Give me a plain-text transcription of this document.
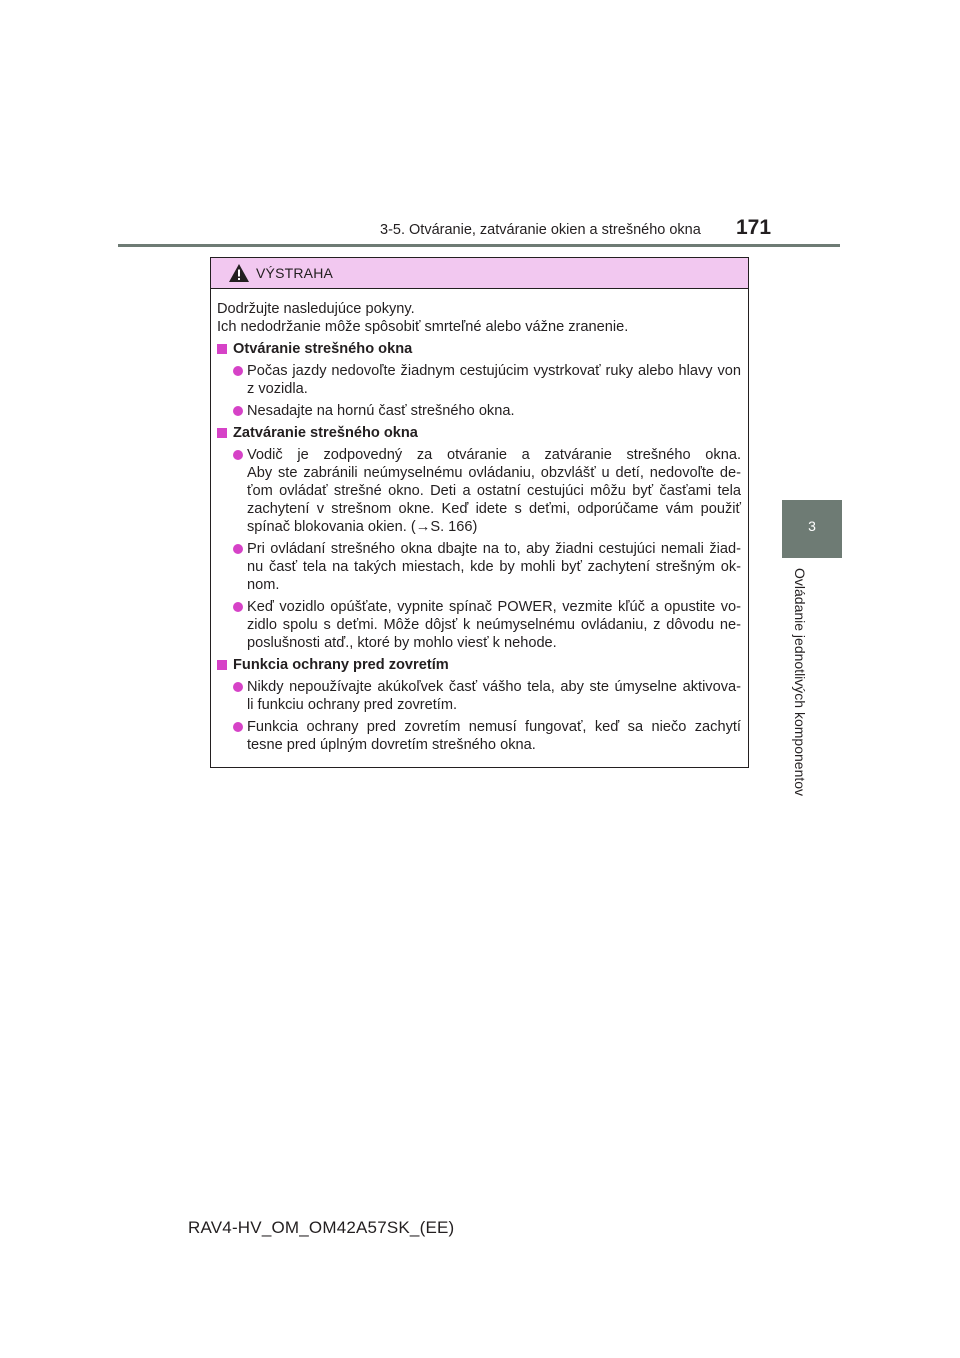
3-5. Otváranie, zatváranie okien a strešného okna 171
3
Ovládanie jednotlivých komponentov
VÝSTRAHA

Dodržujte nasledujúce pokyny.

Ich nedodržanie môže spôsobiť smrteľné alebo vážne zranenie.

Otváranie strešného okna
Počas jazdy nedovoľte žiadnym cestujúcim vystrkovať ruky alebo hlavy von
z vozidla.
Nesadajte na hornú časť strešného okna.
Zatváranie strešného okna
Vodič je zodpovedný za otváranie a zatváranie strešného okna.
Aby ste zabránili neúmyselnému ovládaniu, obzvlášť u detí, nedovoľte de-
ťom ovládať strešné okno. Deti a ostatní cestujúci môžu byť časťami tela
zachytení v strešnom okne. Keď idete s deťmi, odporúčame vám použiť
spínač blokovania okien. (→S. 166)
Pri ovládaní strešného okna dbajte na to, aby žiadni cestujúci nemali žiad-
nu časť tela na takých miestach, kde by mohli byť zachytení strešným ok-
nom.
Keď vozidlo opúšťate, vypnite spínač POWER, vezmite kľúč a opustite vo-
zidlo spolu s deťmi. Môže dôjsť k neúmyselnému ovládaniu, z dôvodu ne-
poslušnosti atď., ktoré by mohlo viesť k nehode.
Funkcia ochrany pred zovretím
Nikdy nepoužívajte akúkoľvek časť vášho tela, aby ste úmyselne aktivova-
li funkciu ochrany pred zovretím.
Funkcia ochrany pred zovretím nemusí fungovať, keď sa niečo zachytí
tesne pred úplným dovretím strešného okna.
RAV4-HV_OM_OM42A57SK_(EE)
